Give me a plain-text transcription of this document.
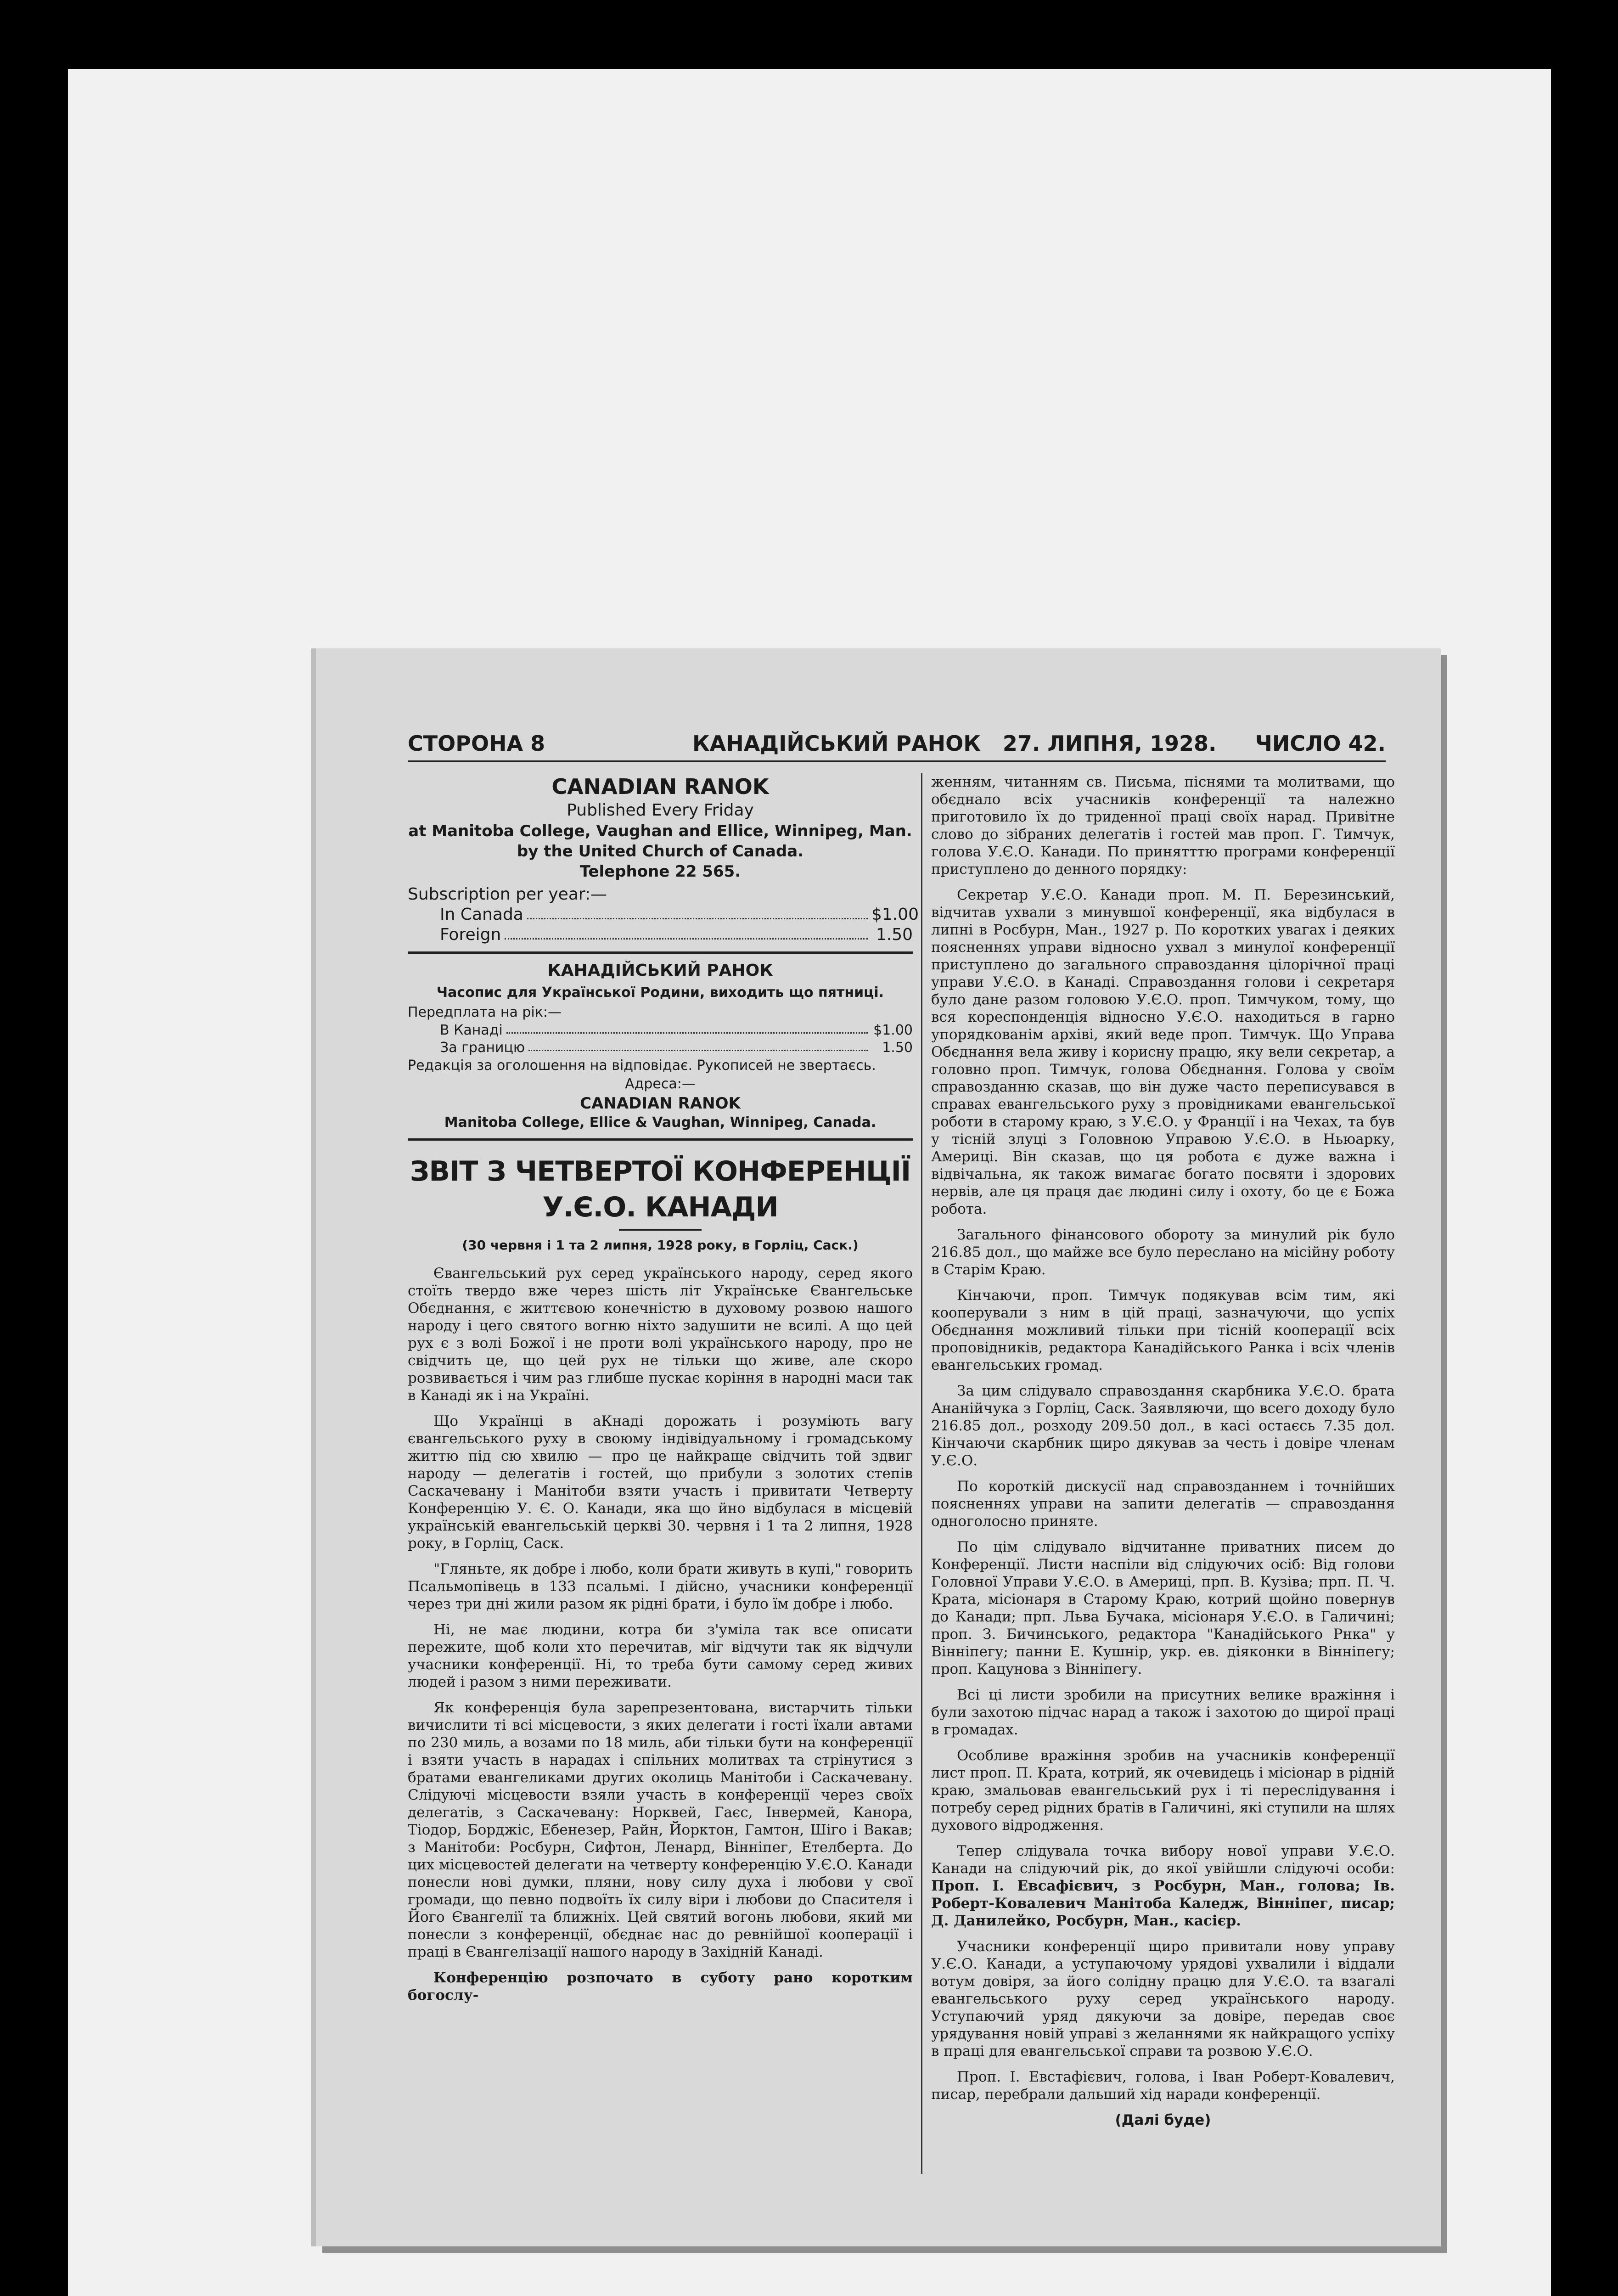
СТОРОНА 8	КАНАДІЙСЬКИЙ РАНОК 27. ЛИПНЯ, 1928. ЧИСЛО 42.
CANADIAN RANOK
Published Every Friday
at Manitoba College, Vaughan and Ellice, Winnipeg, Man.
by the United Church of Canada.
Telephone 22 565.
Subscription per year:—
In Canada	$1.00
Foreign	1.50
КАНАДІЙСЬКИЙ РАНОК
Часопис для Української Родини, виходить що пятниці.
Передплата на рік:—
В Канаді	$1.00
За границю	1.50
Редакція за оголошення на відповідає. Рукописей не звертаєсь.
Адреса:—
CANADIAN RANOK
Manitoba College, Ellice & Vaughan, Winnipeg, Canada.
ЗВІТ З ЧЕТВЕРТОЇ КОНФЕРЕНЦІЇ У.Є.О. КАНАДИ
(30 червня і 1 та 2 липня, 1928 року, в Горліц, Саск.)

Євангельський рух серед українського народу, серед якого стоїть твердо вже через шість літ Українське Євангельське Обєднання, є життєвою конечністю в духовому розвою нашого народу і цего святого вогню ніхто задушити не всилі. А що цей рух є з волі Божої і не проти волі українського народу, про не свідчить це, що цей рух не тільки що живе, але скоро розвивається і чим раз глибше пускає коріння в народні маси так в Канаді як і на Україні.

Що Українці в аКнаді дорожать і розуміють вагу євангельського руху в своюму індівідуальному і громадському життю під сю хвилю — про це найкраще свідчить той здвиг народу — делегатів і гостей, що прибули з золотих степів Саскачевану і Манітоби взяти участь і привитати Четверту Конференцію У. Є. О. Канади, яка що йно відбулася в місцевій українській евангельській церкві 30. червня і 1 та 2 липня, 1928 року, в Горліц, Саск.

"Гляньте, як добре і любо, коли брати живуть в купі," говорить Псальмопівець в 133 псальмі. І дійсно, учасники конференції через три дні жили разом як рідні брати, і було їм добре і любо.

Ні, не має людини, котра би з'уміла так все описати пережите, щоб коли хто перечитав, міг відчути так як відчули учасники конференції. Ні, то треба бути самому серед живих людей і разом з ними переживати.

Як конференція була зарепрезентована, вистарчить тільки вичислити ті всі місцевости, з яких делегати і гості їхали автами по 230 миль, а возами по 18 миль, аби тільки бути на конференції і взяти участь в нарадах і спільних молитвах та стрінутися з братами евангеликами других околиць Манітоби і Саскачевану. Слідуючі місцевости взяли участь в конференції через своїх делегатів, з Саскачевану: Норквей, Гаєс, Інвермей, Канора, Тіодор, Борджіс, Ебенезер, Райн, Йорктон, Гамтон, Шіго і Вакав; з Манітоби: Росбурн, Сифтон, Ленард, Вінніпег, Етелберта. До цих місцевостей делегати на четверту конференцію У.Є.О. Канади понесли нові думки, пляни, нову силу духа і любови у свої громади, що певно подвоїть їх силу віри і любови до Спасителя і Його Євангелії та ближніх. Цей святий вогонь любови, який ми понесли з конференції, обєднає нас до ревнійшої кооперації і праці в Євангелізації нашого народу в Західній Канаді.

Конференцію розпочато в суботу рано коротким богослу-

женням, читанням св. Письма, піснями та молитвами, що обєднало всіх учасників конференції та належно приготовило їх до триденної праці своїх нарад. Привітне слово до зібраних делегатів і гостей мав проп. Г. Тимчук, голова У.Є.О. Канади. По принятттю програми конференції приступлено до денного порядку:

Секретар У.Є.О. Канади проп. М. П. Березинський, відчитав ухвали з минувшої конференції, яка відбулася в липні в Росбурн, Ман., 1927 р. По коротких увагах і деяких поясненнях управи відносно ухвал з минулої конференції приступлено до загального справоздання цілорічної праці управи У.Є.О. в Канаді. Справоздання голови і секретаря було дане разом головою У.Є.О. проп. Тимчуком, тому, що вся кореспонденція відносно У.Є.О. находиться в гарно упорядкованім архіві, який веде проп. Тимчук. Що Управа Обєднання вела живу і корисну працю, яку вели секретар, а головно проп. Тимчук, голова Обєднання. Голова у своїм справозданню сказав, що він дуже часто переписувався в справах евангельського руху з провідниками евангельської роботи в старому краю, з У.Є.О. у Франції і на Чехах, та був у тісній злуці з Головною Управою У.Є.О. в Ньюарку, Америці. Він сказав, що ця робота є дуже важна і відвічальна, як також вимагає богато посвяти і здорових нервів, але ця праця дає людині силу і охоту, бо це є Божа робота.

Загального фінансового обороту за минулий рік було 216.85 дол., що майже все було переслано на місійну роботу в Старім Краю.

Кінчаючи, проп. Тимчук подякував всім тим, які кооперували з ним в цій праці, зазначуючи, що успіх Обєднання можливий тільки при тісній кооперації всіх проповідників, редактора Канадійського Ранка і всіх членів евангельських громад.

За цим слідувало справоздання скарбника У.Є.О. брата Ананійчука з Горліц, Саск. Заявляючи, що всего доходу було 216.85 дол., розходу 209.50 дол., в касі остаєсь 7.35 дол. Кінчаючи скарбник щиро дякував за честь і довіре членам У.Є.О.

По короткій дискусії над справозданнем і точнійших поясненнях управи на запити делегатів — справоздання одноголосно приняте.

По цім слідувало відчитанне приватних писем до Конференції. Листи наспіли від слідуючих осіб: Від голови Головної Управи У.Є.О. в Америці, прп. В. Кузіва; прп. П. Ч. Крата, місіонаря в Старому Краю, котрий щойно повернув до Канади; прп. Льва Бучака, місіонаря У.Є.О. в Галичині; проп. З. Бичинського, редактора "Канадійського Рнка" у Вінніпегу; панни Е. Кушнір, укр. ев. діяконки в Вінніпегу; проп. Кацунова з Вінніпегу.

Всі ці листи зробили на присутних велике вражіння і були захотою підчас нарад а також і захотою до щирої праці в громадах.

Особливе вражіння зробив на учасників конференції лист проп. П. Крата, котрий, як очевидець і місіонар в рідній краю, змальовав евангельський рух і ті переслідування і потребу серед рідних братів в Галичині, які ступили на шлях духового відродження.

Тепер слідувала точка вибору нової управи У.Є.О. Канади на слідуючий рік, до якої увійшли слідуючі особи: Проп. І. Евсафієвич, з Росбурн, Ман., голова; Ів. Роберт-Ковалевич Манітоба Каледж, Вінніпег, писар; Д. Данилейко, Росбурн, Ман., касієр.

Учасники конференції щиро привитали нову управу У.Є.О. Канади, а уступаючому урядові ухвалили і віддали вотум довіря, за його солідну працю для У.Є.О. та взагалі евангельського руху серед українського народу. Уступаючий уряд дякуючи за довіре, передав своє урядування новій управі з желаннями як найкращого успіху в праці для евангельської справи та розвою У.Є.О.

Проп. І. Евстафієвич, голова, і Іван Роберт-Ковалевич, писар, перебрали дальший хід наради конференції.

(Далі буде)
